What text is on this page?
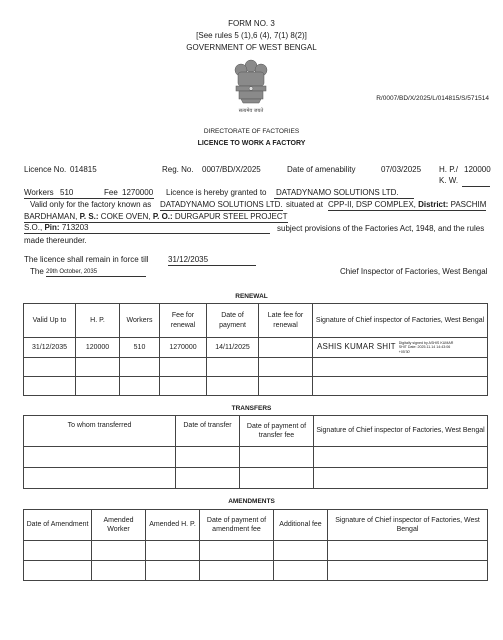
FORM NO. 3
[See rules 5 (1),6 (4), 7(1) 8(2)]
GOVERNMENT OF WEST BENGAL
सत्यमेव जयते
R/0007/BD/X/2025/L/014815/S/571514
DIRECTORATE OF FACTORIES
LICENCE TO WORK A FACTORY
Licence No. 014815	Reg. No. 0007/BD/X/2025	Date of amenability	07/03/2025 H. P./ 120000
K. W.
Workers 510	Fee 1270000 Licence is hereby granted to DATADYNAMO SOLUTIONS LTD.
Valid only for the factory known as DATADYNAMO SOLUTIONS LTD. situated at CPP-II, DSP COMPLEX, District: PASCHIM
BARDHAMAN, P. S.: COKE OVEN, P. O.: DURGAPUR STEEL PROJECT
S.O., Pin: 713203	subject provisions of the Factories Act, 1948, and the rules
made thereunder.
The licence shall remain in force till 31/12/2035
The 29th October, 2035	Chief Inspector of Factories, West Bengal
RENEWAL
Valid Up to	H. P.	Workers	Fee for renewal	Date of payment	Late fee for renewal	Signature of Chief inspector of Factories, West Bengal
31/12/2035	120000	510	1270000	14/11/2025		ASHIS KUMAR SHIT Digitally signed by ASHIS KUMAR SHIT Date: 2025.11.14 14:43:06 +05'30'

TRANSFERS
To whom transferred	Date of transfer	Date of payment of transfer fee	Signature of Chief inspector of Factories, West Bengal

AMENDMENTS
Date of Amendment	Amended Worker	Amended H. P.	Date of payment of amendment fee	Additional fee	Signature of Chief inspector of Factories, West Bengal
